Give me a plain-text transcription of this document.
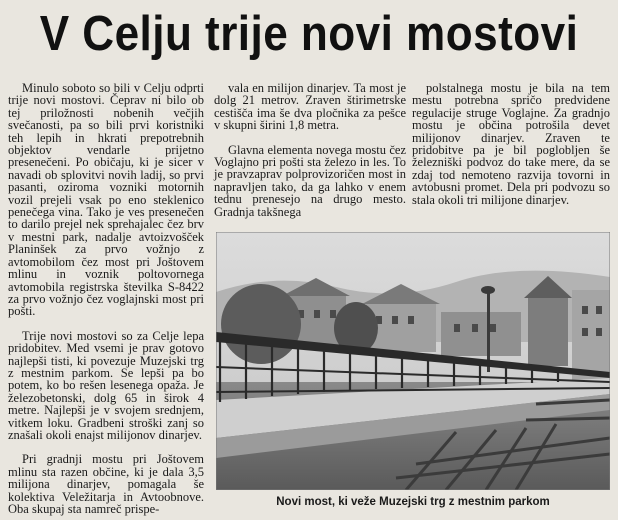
V Celju trije novi mostovi

Minulo soboto so bili v Celju odprti trije novi mostovi. Čeprav ni bilo ob tej priložnosti nobenih večjih svečanosti, pa so bili prvi koristniki teh lepih in hkrati prepotrebnih objektov vendarle prijetno presenečeni. Po običaju, ki je sicer v navadi ob splovitvi novih ladij, so prvi pasanti, oziroma vozniki motornih vozil prejeli vsak po eno steklenico penečega vina. Tako je ves presenečen to darilo prejel nek sprehajalec čez brv v mestni park, nadalje avtoizvošček Planinšek za prvo vožnjo z avtomobilom čez most pri Joštovem mlinu in voznik poltovornega avtomobila registrska številka S-8422 za prvo vožnjo čez voglajnski most pri pošti.

Trije novi mostovi so za Celje lepa pridobitev. Med vsemi je prav gotovo najlepši tisti, ki povezuje Muzejski trg z mestnim parkom. Se lepši pa bo potem, ko bo rešen lesenega opaža. Je železobetonski, dolg 65 in širok 4 metre. Najlepši je v svojem srednjem, vitkem loku. Gradbeni stroški zanj so znašali okoli enajst milijonov dinarjev.

Pri gradnji mostu pri Joštovem mlinu sta razen občine, ki je dala 3,5 milijona dinarjev, pomagala še kolektiva Veležitarja in Avtoobnove. Oba skupaj sta namreč prispe-

vala en milijon dinarjev. Ta most je dolg 21 metrov. Zraven štirimetrske cestišča ima še dva pločnika za pešce v skupni širini 1,8 metra.

Glavna elementa novega mostu čez Voglajno pri pošti sta železo in les. To je pravzaprav polprovizoričen most in napravljen tako, da ga lahko v enem tednu prenesejo na drugo mesto. Gradnja takšnega

polstalnega mostu je bila na tem mestu potrebna spričo predvidene regulacije struge Voglajne. Za gradnjo mostu je občina potrošila devet milijonov dinarjev. Zraven te pridobitve pa je bil poglobljen še železniški podvoz do take mere, da se zdaj tod nemoteno razvija tovorni in avtobusni promet. Dela pri podvozu so stala okoli tri milijone dinarjev.

Novi most, ki veže Muzejski trg z mestnim parkom
